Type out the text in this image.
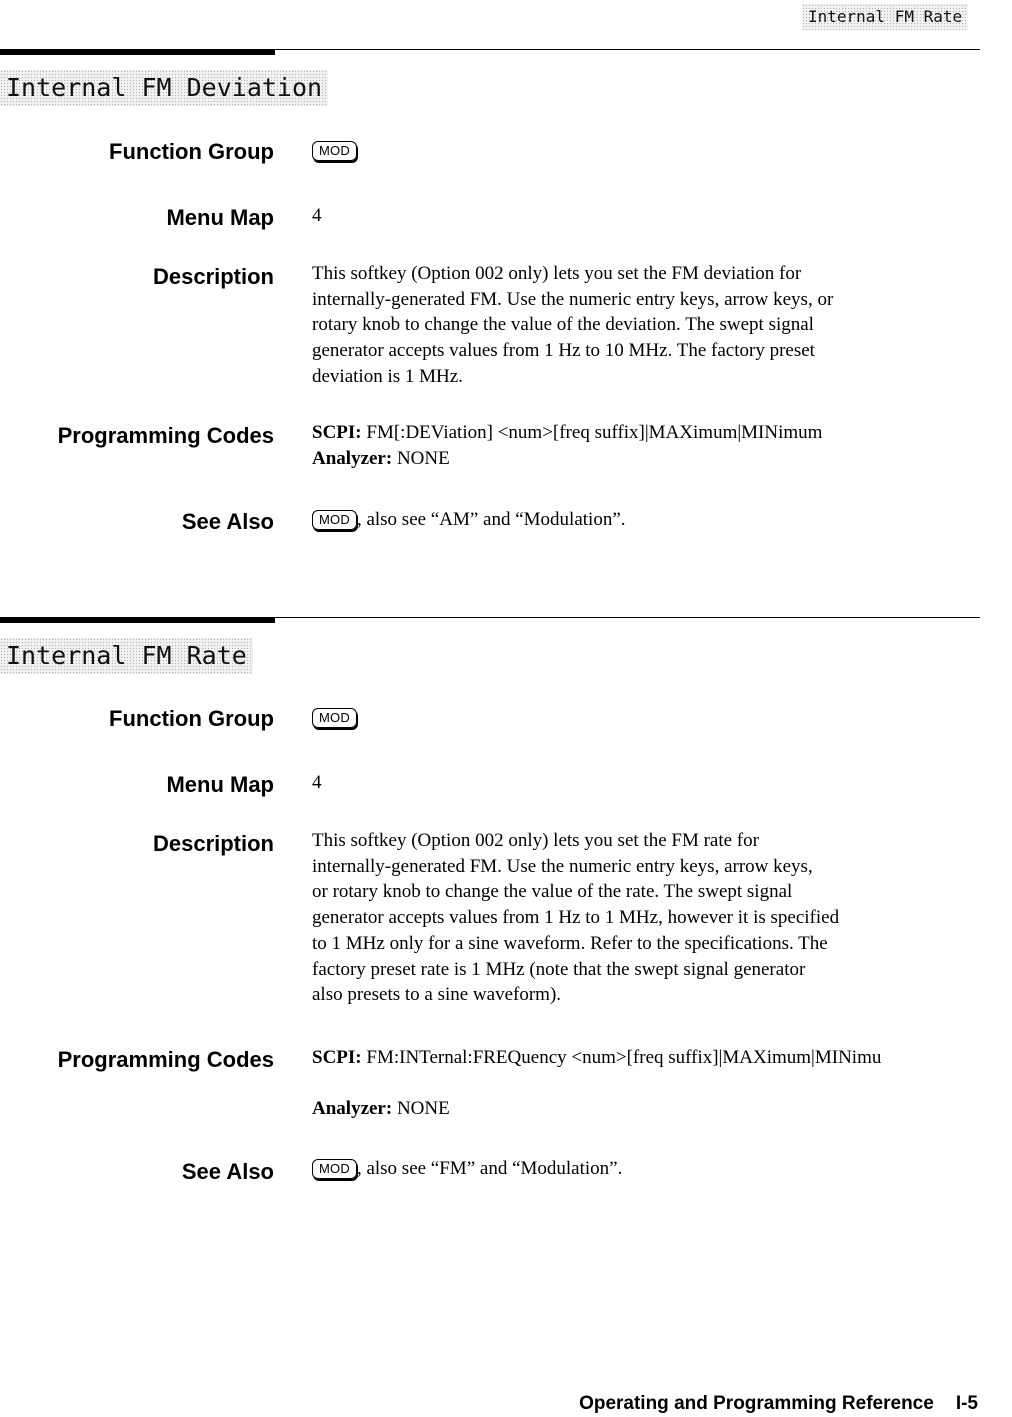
Internal FM Rate
Internal FM Deviation
Function Group	MOD
Menu Map 4
Description This softkey (Option 002 only) lets you set the FM deviation for
internally-generated FM. Use the numeric entry keys, arrow keys, or
rotary knob to change the value of the deviation. The swept signal
generator accepts values from 1 Hz to 10 MHz. The factory preset
deviation is 1 MHz.
Programming Codes SCPI: FM[:DEViation] <num>[freq suffix]|MAXimum|MINimum
Analyzer: NONE
See Also	MOD , also see “AM” and “Modulation”.
Internal FM Rate
Function Group	MOD
Menu Map 4
Description This softkey (Option 002 only) lets you set the FM rate for
internally-generated FM. Use the numeric entry keys, arrow keys,
or rotary knob to change the value of the rate. The swept signal
generator accepts values from 1 Hz to 1 MHz, however it is specified
to 1 MHz only for a sine waveform. Refer to the specifications. The
factory preset rate is 1 MHz (note that the swept signal generator
also presets to a sine waveform).
Programming Codes SCPI: FM:INTernal:FREQuency <num>[freq suffix]|MAXimum|MINimu
Analyzer: NONE
See Also	MOD , also see “FM” and “Modulation”.
Operating and Programming Reference I-5
